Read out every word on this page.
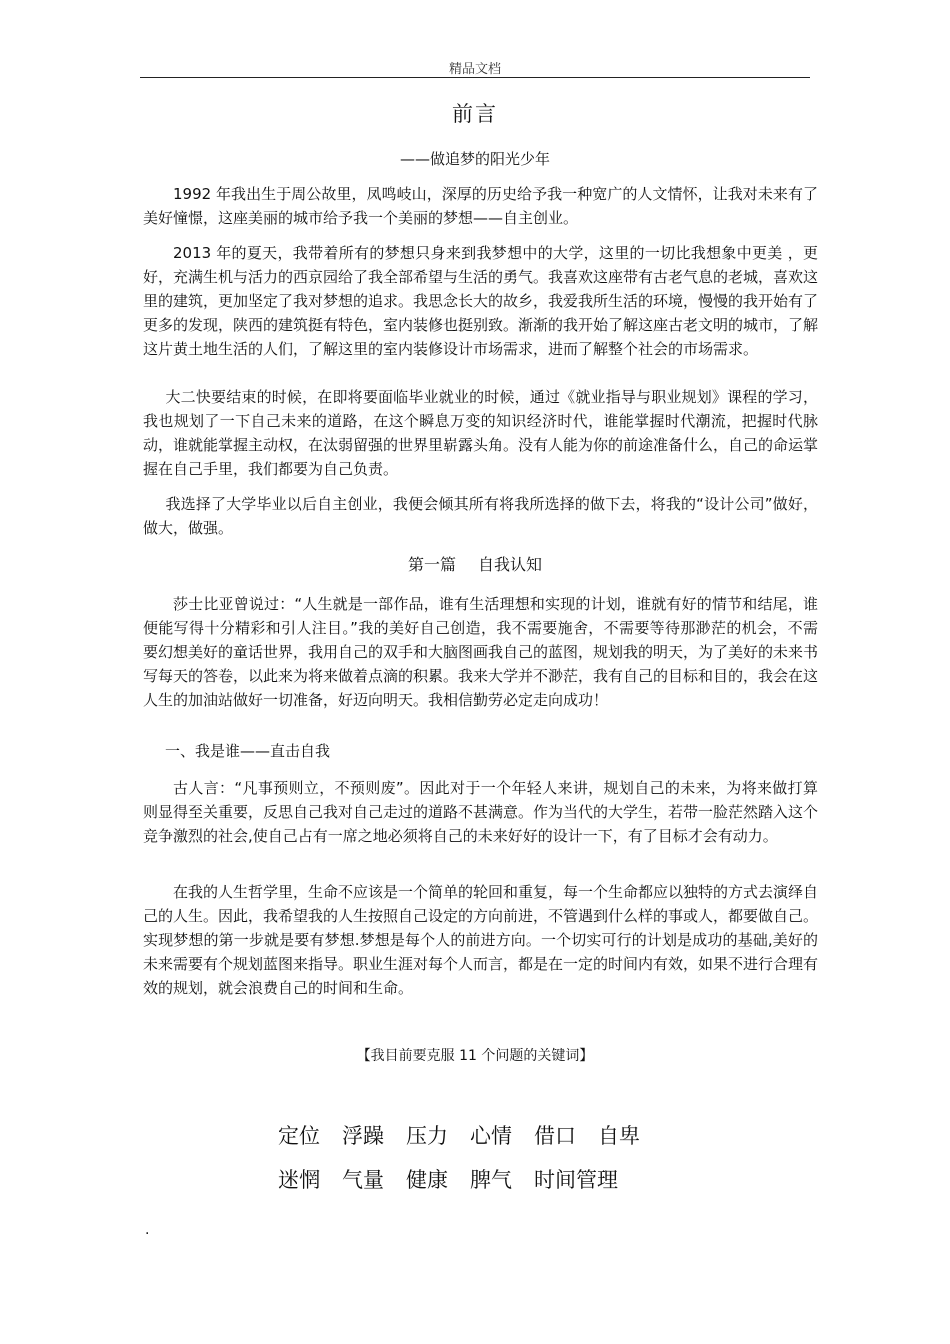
精品文档
前言
——做追梦的阳光少年

1992 年我出生于周公故里，凤鸣岐山，深厚的历史给予我一种宽广的人文情怀，让我对未来有了美好憧憬，这座美丽的城市给予我一个美丽的梦想——自主创业。

2013 年的夏天，我带着所有的梦想只身来到我梦想中的大学，这里的一切比我想象中更美 ，更好，充满生机与活力的西京园给了我全部希望与生活的勇气。我喜欢这座带有古老气息的老城，喜欢这里的建筑，更加坚定了我对梦想的追求。我思念长大的故乡，我爱我所生活的环境，慢慢的我开始有了更多的发现，陕西的建筑挺有特色，室内装修也挺别致。渐渐的我开始了解这座古老文明的城市，了解这片黄土地生活的人们，了解这里的室内装修设计市场需求，进而了解整个社会的市场需求。

大二快要结束的时候，在即将要面临毕业就业的时候，通过《就业指导与职业规划》课程的学习，我也规划了一下自己未来的道路，在这个瞬息万变的知识经济时代，谁能掌握时代潮流，把握时代脉动，谁就能掌握主动权，在汰弱留强的世界里崭露头角。没有人能为你的前途准备什么，自己的命运掌握在自己手里，我们都要为自己负责。

我选择了大学毕业以后自主创业，我便会倾其所有将我所选择的做下去，将我的“设计公司”做好，做大，做强。

第一篇 自我认知

莎士比亚曾说过：“人生就是一部作品，谁有生活理想和实现的计划，谁就有好的情节和结尾，谁便能写得十分精彩和引人注目。”我的美好自己创造，我不需要施舍，不需要等待那渺茫的机会，不需要幻想美好的童话世界，我用自己的双手和大脑图画我自己的蓝图，规划我的明天，为了美好的未来书写每天的答卷，以此来为将来做着点滴的积累。我来大学并不渺茫，我有自己的目标和目的，我会在这人生的加油站做好一切准备，好迈向明天。我相信勤劳必定走向成功！

一、我是谁——直击自我

古人言：“凡事预则立，不预则废”。因此对于一个年轻人来讲，规划自己的未来，为将来做打算则显得至关重要，反思自己我对自己走过的道路不甚满意。作为当代的大学生，若带一脸茫然踏入这个竞争激烈的社会,使自己占有一席之地必须将自己的未来好好的设计一下，有了目标才会有动力。

在我的人生哲学里，生命不应该是一个简单的轮回和重复，每一个生命都应以独特的方式去演绎自己的人生。因此，我希望我的人生按照自己设定的方向前进，不管遇到什么样的事或人，都要做自己。实现梦想的第一步就是要有梦想.梦想是每个人的前进方向。一个切实可行的计划是成功的基础,美好的未来需要有个规划蓝图来指导。职业生涯对每个人而言，都是在一定的时间内有效，如果不进行合理有效的规划，就会浪费自己的时间和生命。

【我目前要克服 11 个问题的关键词】
定位 浮躁 压力 心情 借口 自卑
迷惘 气量 健康 脾气 时间管理
.
